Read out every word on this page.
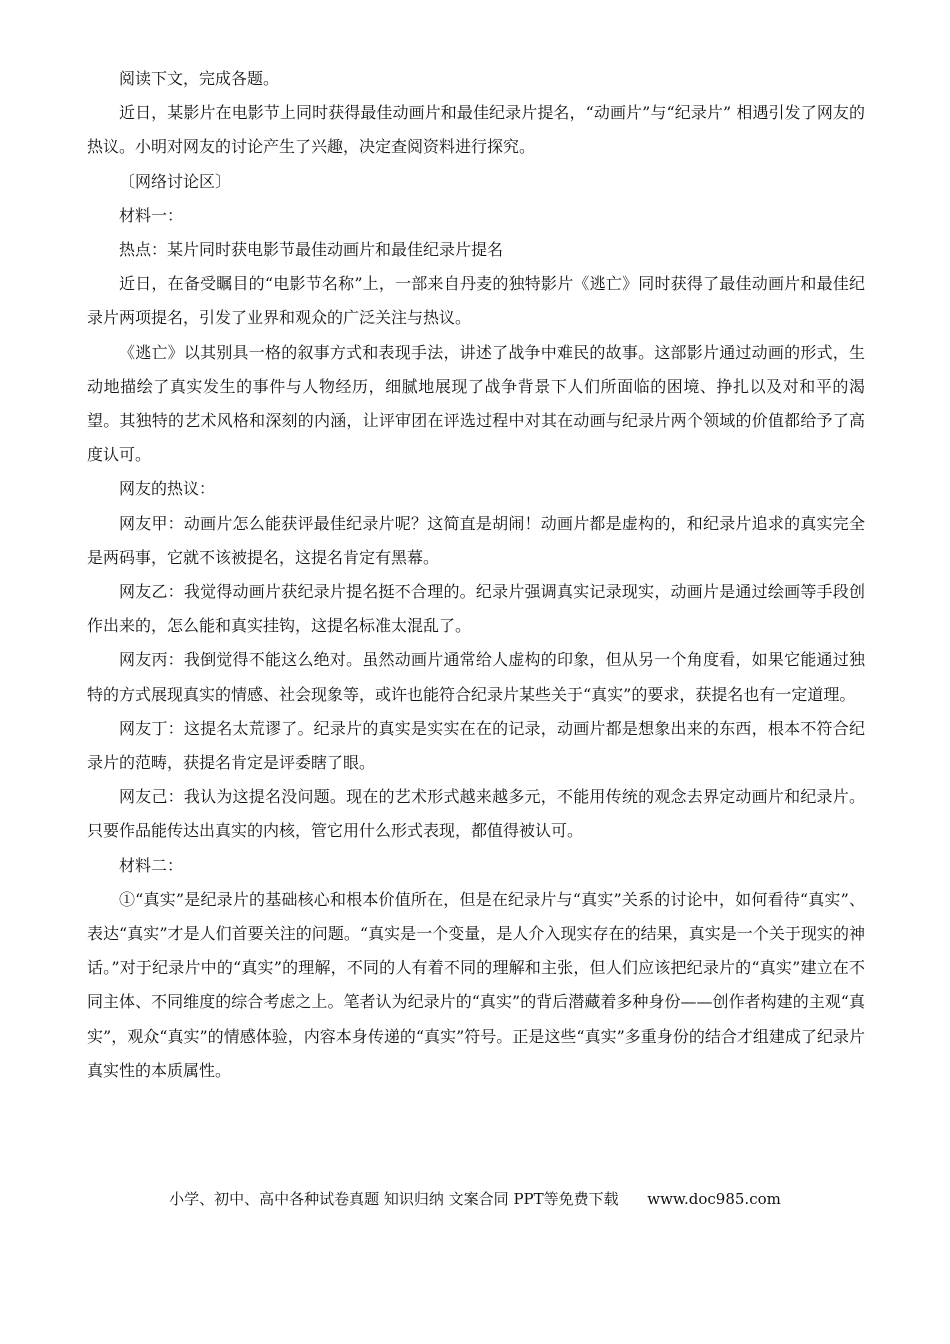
阅读下文，完成各题。

近日，某影片在电影节上同时获得最佳动画片和最佳纪录片提名，“动画片”与“纪录片” 相遇引发了网友的热议。小明对网友的讨论产生了兴趣，决定查阅资料进行探究。

〔网络讨论区〕

材料一：

热点：某片同时获电影节最佳动画片和最佳纪录片提名

近日，在备受瞩目的“电影节名称”上，一部来自丹麦的独特影片《逃亡》同时获得了最佳动画片和最佳纪录片两项提名，引发了业界和观众的广泛关注与热议。

《逃亡》以其别具一格的叙事方式和表现手法，讲述了战争中难民的故事。这部影片通过动画的形式，生动地描绘了真实发生的事件与人物经历，细腻地展现了战争背景下人们所面临的困境、挣扎以及对和平的渴望。其独特的艺术风格和深刻的内涵，让评审团在评选过程中对其在动画与纪录片两个领域的价值都给予了高度认可。

网友的热议：

网友甲：动画片怎么能获评最佳纪录片呢？这简直是胡闹！动画片都是虚构的，和纪录片追求的真实完全是两码事，它就不该被提名，这提名肯定有黑幕。

网友乙：我觉得动画片获纪录片提名挺不合理的。纪录片强调真实记录现实，动画片是通过绘画等手段创作出来的，怎么能和真实挂钩，这提名标准太混乱了。

网友丙：我倒觉得不能这么绝对。虽然动画片通常给人虚构的印象，但从另一个角度看，如果它能通过独特的方式展现真实的情感、社会现象等，或许也能符合纪录片某些关于“真实”的要求，获提名也有一定道理。

网友丁：这提名太荒谬了。纪录片的真实是实实在在的记录，动画片都是想象出来的东西，根本不符合纪录片的范畴，获提名肯定是评委瞎了眼。

网友己：我认为这提名没问题。现在的艺术形式越来越多元，不能用传统的观念去界定动画片和纪录片。只要作品能传达出真实的内核，管它用什么形式表现，都值得被认可。

材料二：

①“真实”是纪录片的基础核心和根本价值所在，但是在纪录片与“真实”关系的讨论中，如何看待“真实”、表达“真实”才是人们首要关注的问题。“真实是一个变量，是人介入现实存在的结果，真实是一个关于现实的神话。”对于纪录片中的“真实”的理解，不同的人有着不同的理解和主张，但人们应该把纪录片的“真实”建立在不同主体、不同维度的综合考虑之上。笔者认为纪录片的“真实”的背后潜藏着多种身份——创作者构建的主观“真实”，观众“真实”的情感体验，内容本身传递的“真实”符号。正是这些“真实”多重身份的结合才组建成了纪录片真实性的本质属性。

小学、初中、高中各种试卷真题 知识归纳 文案合同 PPT等免费下载 www.doc985.com
